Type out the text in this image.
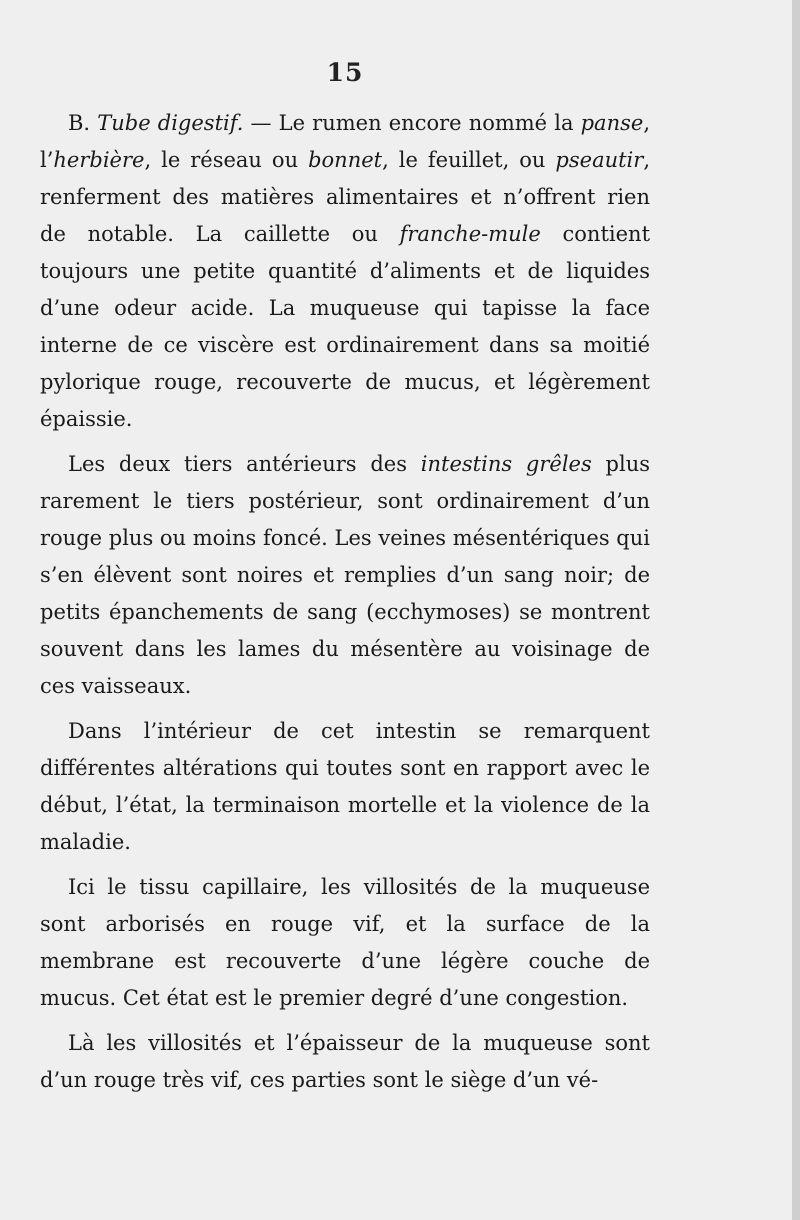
15

B. Tube digestif. — Le rumen encore nommé la panse, l’herbière, le réseau ou bonnet, le feuillet, ou pseautir, renferment des matières alimentaires et n’offrent rien de notable. La caillette ou franche-mule contient toujours une petite quantité d’aliments et de liquides d’une odeur acide. La muqueuse qui tapisse la face interne de ce viscère est ordinairement dans sa moitié pylorique rouge, recouverte de mucus, et légèrement épaissie.

Les deux tiers antérieurs des intestins grêles plus rarement le tiers postérieur, sont ordinairement d’un rouge plus ou moins foncé. Les veines mésentériques qui s’en élèvent sont noires et remplies d’un sang noir; de petits épanchements de sang (ecchymoses) se montrent souvent dans les lames du mésentère au voisinage de ces vaisseaux.

Dans l’intérieur de cet intestin se remarquent différentes altérations qui toutes sont en rapport avec le début, l’état, la terminaison mortelle et la violence de la maladie.

Ici le tissu capillaire, les villosités de la muqueuse sont arborisés en rouge vif, et la surface de la membrane est recouverte d’une légère couche de mucus. Cet état est le premier degré d’une congestion.

Là les villosités et l’épaisseur de la muqueuse sont d’un rouge très vif, ces parties sont le siège d’un vé-
